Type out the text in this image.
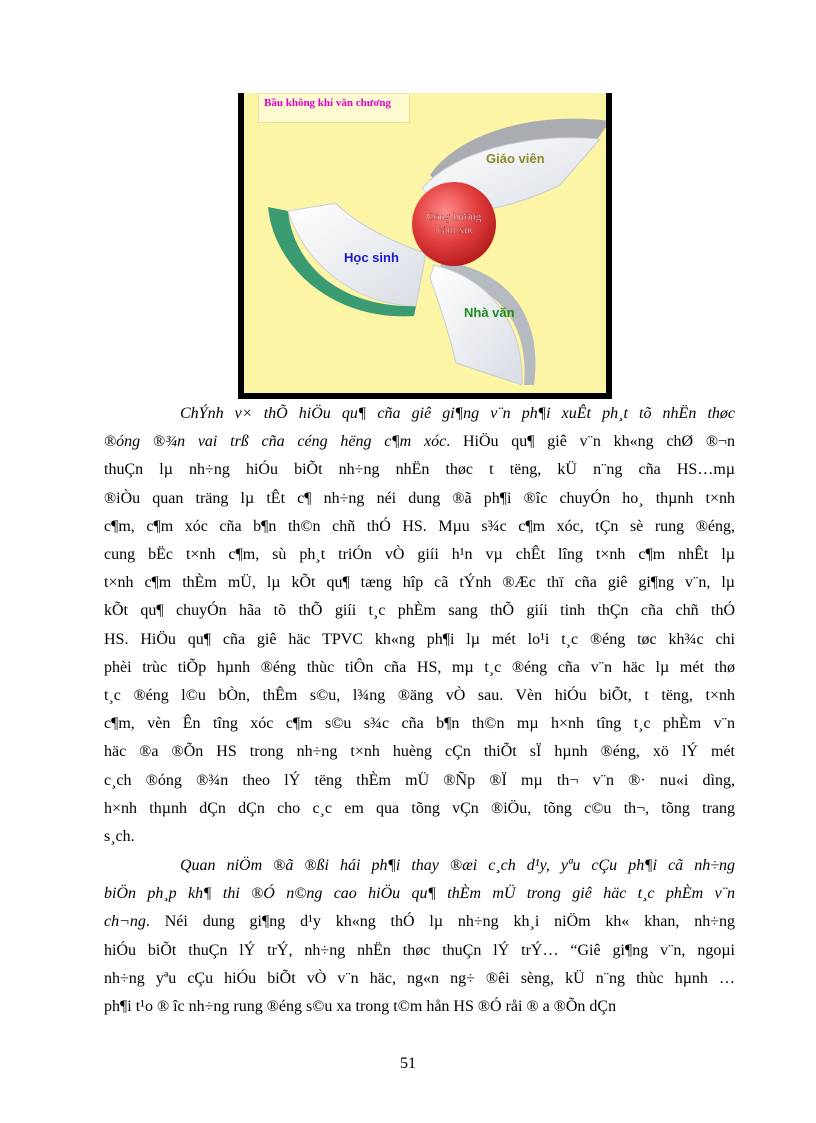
Cộng hưởng
cảm xúc
Giáo viên
Học sinh
Nhà văn
Bầu không khí văn chương
ChÝnh v× thÕ hiÖu qu¶ cña giê gi¶ng v¨n ph¶i xuÊt ph¸t tõ nhËn thøc
®óng ®¾n vai trß cña céng hëng c¶m xóc. HiÖu qu¶ giê v¨n kh«ng chØ ®¬n
thuÇn lµ nh÷ng hiÓu biÕt nh÷ng nhËn thøc t tëng, kÜ n¨ng cña HS…mµ
®iÒu quan träng lµ tÊt c¶ nh÷ng néi dung ®ã ph¶i ®îc chuyÓn ho¸ thµnh t×nh
c¶m, c¶m xóc cña b¶n th©n chñ thÓ HS. Mµu s¾c c¶m xóc, tÇn sè rung ®éng,
cung bËc t×nh c¶m, sù ph¸t triÓn vÒ giíi h¹n vµ chÊt lîng t×nh c¶m nhÊt lµ
t×nh c¶m thÈm mÜ, lµ kÕt qu¶ tæng hîp cã tÝnh ®Æc thï cña giê gi¶ng v¨n, lµ
kÕt qu¶ chuyÓn hãa tõ thÕ giíi t¸c phÈm sang thÕ giíi tinh thÇn cña chñ thÓ
HS. HiÖu qu¶ cña giê häc TPVC kh«ng ph¶i lµ mét lo¹i t¸c ®éng tøc kh¾c chi
phèi trùc tiÕp hµnh ®éng thùc tiÔn cña HS, mµ t¸c ®éng cña v¨n häc lµ mét thø
t¸c ®éng l©u bÒn, thÊm s©u, l¾ng ®äng vÒ sau. Vèn hiÓu biÕt, t tëng, t×nh
c¶m, vèn Ên tîng xóc c¶m s©u s¾c cña b¶n th©n mµ h×nh tîng t¸c phÈm v¨n
häc ®a ®Õn HS trong nh÷ng t×nh huèng cÇn thiÕt sÏ hµnh ®éng, xö lÝ mét
c¸ch ®óng ®¾n theo lÝ tëng thÈm mÜ ®Ñp ®Ï mµ th¬ v¨n ®· nu«i dìng,
h×nh thµnh dÇn dÇn cho c¸c em qua tõng vÇn ®iÖu, tõng c©u th¬, tõng trang
s¸ch.
Quan niÖm ®ã ®ßi hái ph¶i thay ®æi c¸ch d¹y, yªu cÇu ph¶i cã nh÷ng
biÖn ph¸p kh¶ thi ®Ó n©ng cao hiÖu qu¶ thÈm mÜ trong giê häc t¸c phÈm v¨n
ch¬ng. Néi dung gi¶ng d¹y kh«ng thÓ lµ nh÷ng kh¸i niÖm kh« khan, nh÷ng
hiÓu biÕt thuÇn lÝ trÝ, nh÷ng nhËn thøc thuÇn lÝ trÝ… “Giê gi¶ng v¨n, ngoµi
nh÷ng yªu cÇu hiÓu biÕt vÒ v¨n häc, ng«n ng÷ ®êi sèng, kÜ n¨ng thùc hµnh …
ph¶i t¹o ® îc nh÷ng rung ®éng s©u xa trong t©m hån HS ®Ó råi ® a ®Õn dÇn
51
